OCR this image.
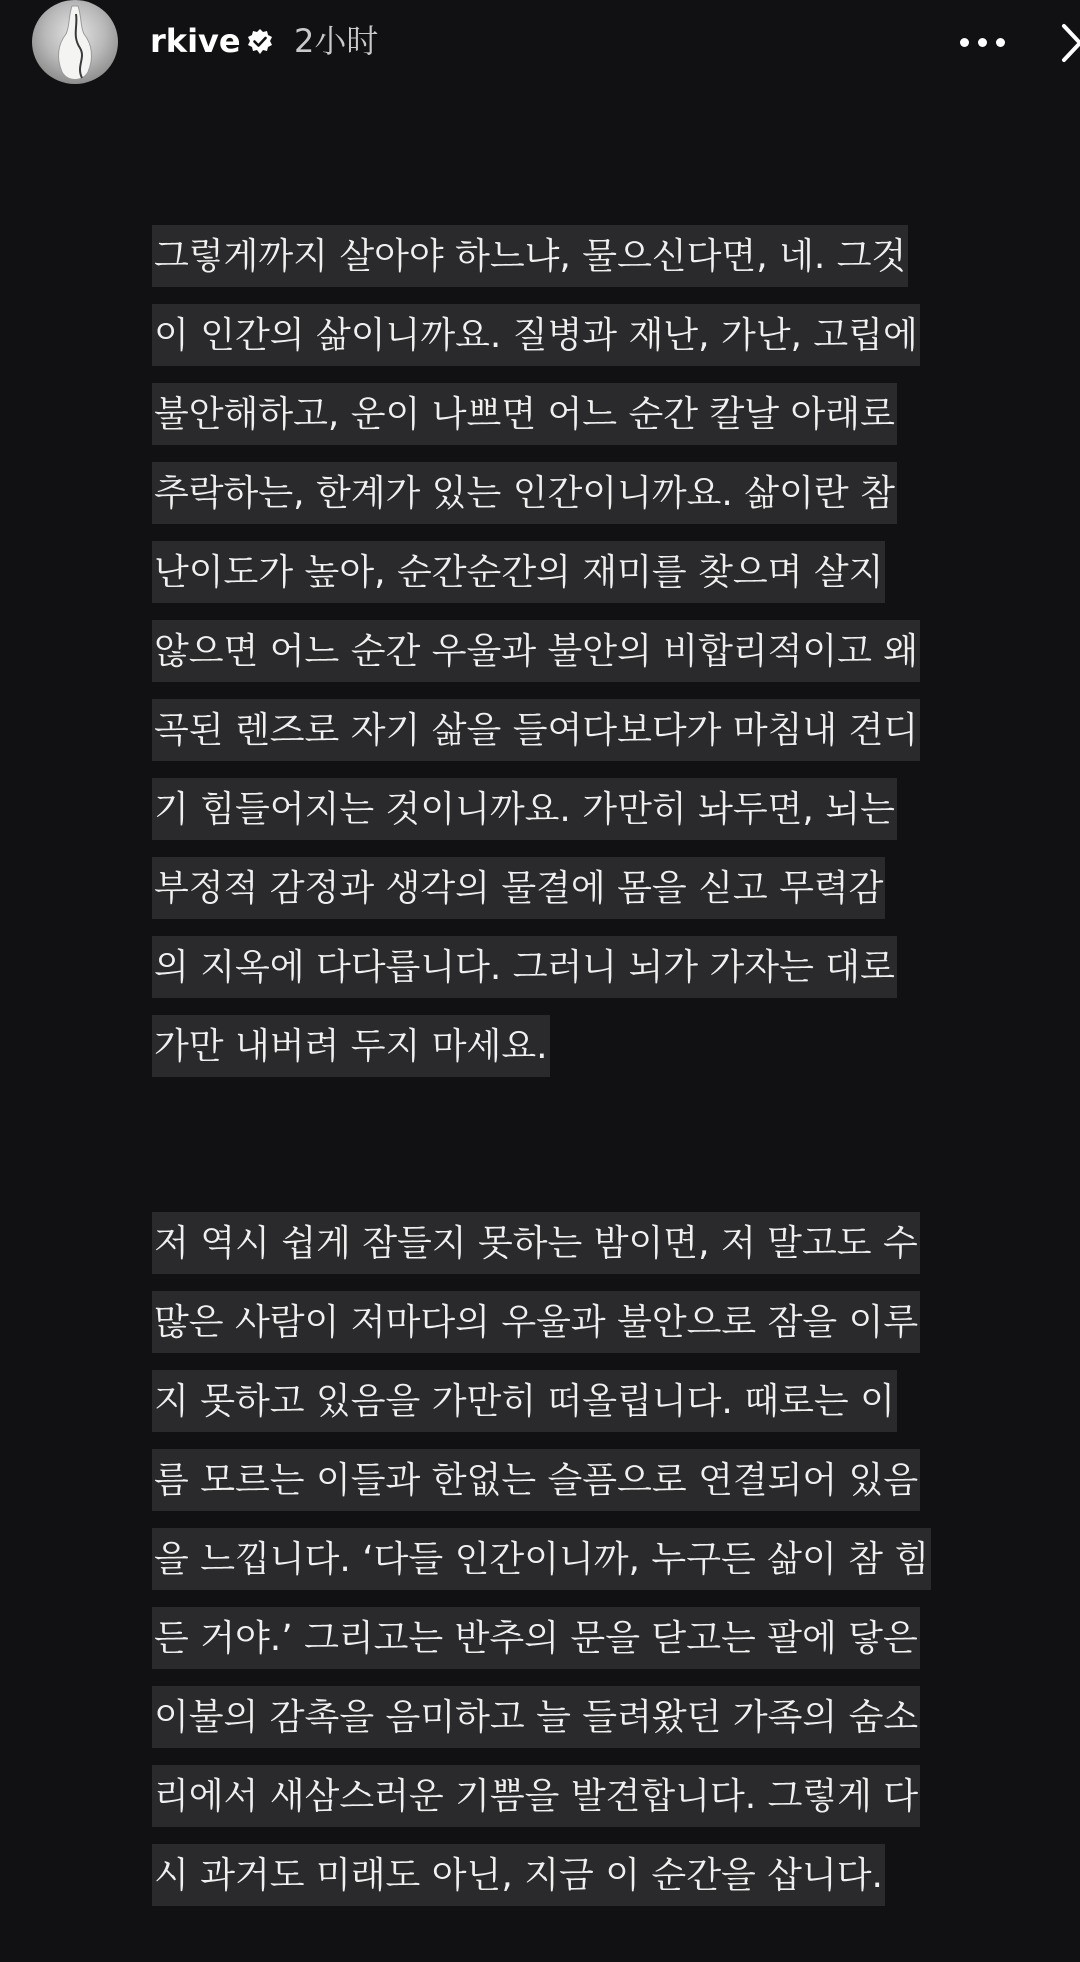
rkive 2小时
그렇게까지 살아야 하느냐, 물으신다면, 네. 그것
이 인간의 삶이니까요. 질병과 재난, 가난, 고립에
불안해하고, 운이 나쁘면 어느 순간 칼날 아래로
추락하는, 한계가 있는 인간이니까요. 삶이란 참
난이도가 높아, 순간순간의 재미를 찾으며 살지
않으면 어느 순간 우울과 불안의 비합리적이고 왜
곡된 렌즈로 자기 삶을 들여다보다가 마침내 견디
기 힘들어지는 것이니까요. 가만히 놔두면, 뇌는
부정적 감정과 생각의 물결에 몸을 싣고 무력감
의 지옥에 다다릅니다. 그러니 뇌가 가자는 대로
가만 내버려 두지 마세요.
저 역시 쉽게 잠들지 못하는 밤이면, 저 말고도 수
많은 사람이 저마다의 우울과 불안으로 잠을 이루
지 못하고 있음을 가만히 떠올립니다. 때로는 이
름 모르는 이들과 한없는 슬픔으로 연결되어 있음
을 느낍니다. ‘다들 인간이니까, 누구든 삶이 참 힘
든 거야.’ 그리고는 반추의 문을 닫고는 팔에 닿은
이불의 감촉을 음미하고 늘 들려왔던 가족의 숨소
리에서 새삼스러운 기쁨을 발견합니다. 그렇게 다
시 과거도 미래도 아닌, 지금 이 순간을 삽니다.
